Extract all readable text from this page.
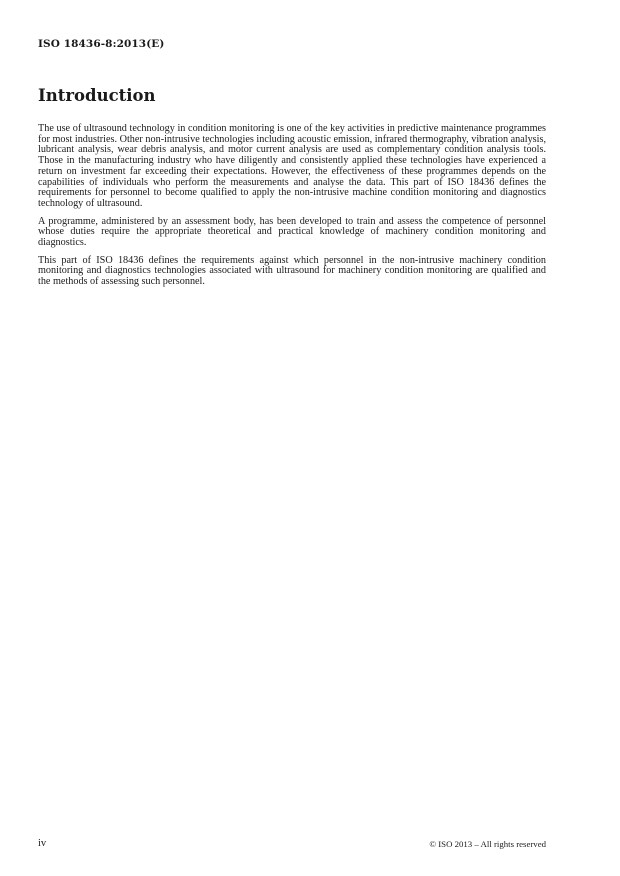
ISO 18436-8:2013(E)
Introduction

The use of ultrasound technology in condition monitoring is one of the key activities in predictive maintenance programmes for most industries. Other non-intrusive technologies including acoustic emission, infrared thermography, vibration analysis, lubricant analysis, wear debris analysis, and motor current analysis are used as complementary condition analysis tools. Those in the manufacturing industry who have diligently and consistently applied these technologies have experienced a return on investment far exceeding their expectations. However, the effectiveness of these programmes depends on the capabilities of individuals who perform the measurements and analyse the data. This part of ISO 18436 defines the requirements for personnel to become qualified to apply the non-intrusive machine condition monitoring and diagnostics technology of ultrasound.

A programme, administered by an assessment body, has been developed to train and assess the competence of personnel whose duties require the appropriate theoretical and practical knowledge of machinery condition monitoring and diagnostics.

This part of ISO 18436 defines the requirements against which personnel in the non-intrusive machinery condition monitoring and diagnostics technologies associated with ultrasound for machinery condition monitoring are qualified and the methods of assessing such personnel.

iv	© ISO 2013 – All rights reserved
